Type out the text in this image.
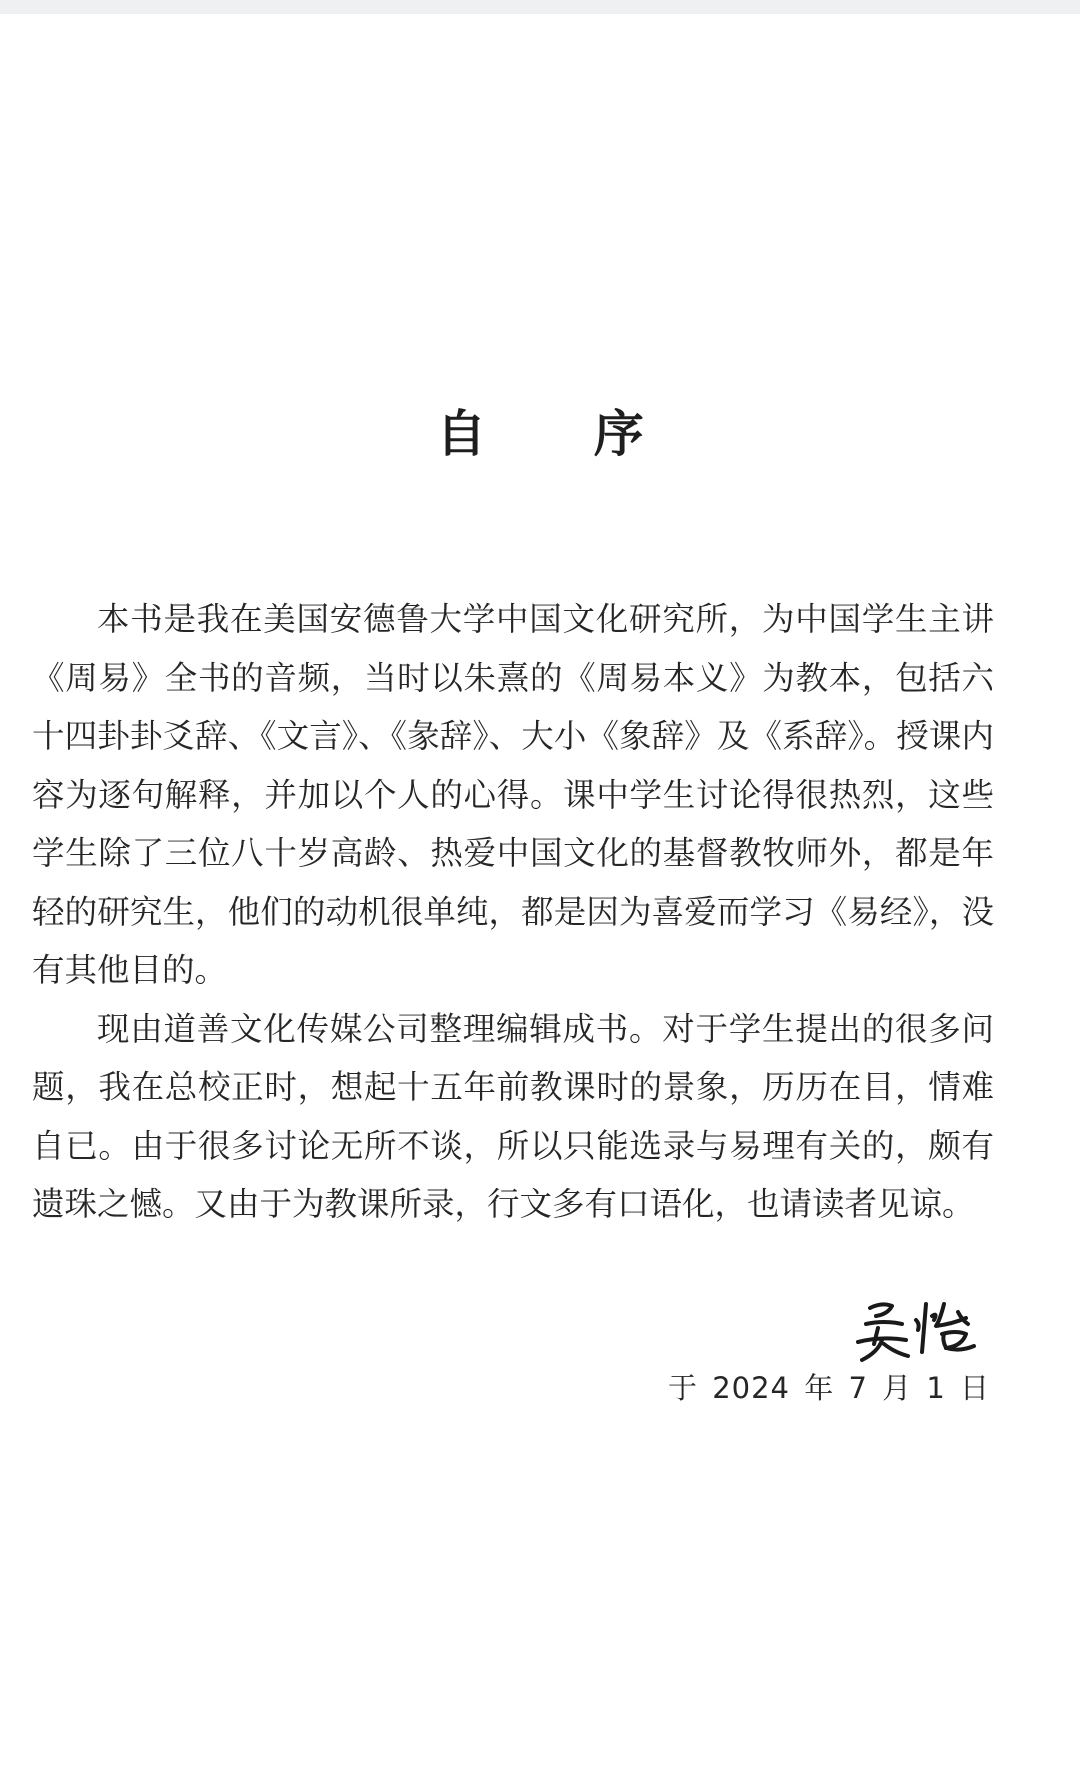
自 序

本书是我在美国安德鲁大学中国文化研究所，为中国学生主讲《周易》全书的音频，当时以朱熹的《周易本义》为教本，包括六十四卦卦爻辞、《文言》、《彖辞》、大小《象辞》及《系辞》。授课内容为逐句解释，并加以个人的心得。课中学生讨论得很热烈，这些学生除了三位八十岁高龄、热爱中国文化的基督教牧师外，都是年轻的研究生，他们的动机很单纯，都是因为喜爱而学习《易经》，没有其他目的。

现由道善文化传媒公司整理编辑成书。对于学生提出的很多问题，我在总校正时，想起十五年前教课时的景象，历历在目，情难自已。由于很多讨论无所不谈，所以只能选录与易理有关的，颇有遗珠之憾。又由于为教课所录，行文多有口语化，也请读者见谅。

于 2024 年 7 月 1 日
